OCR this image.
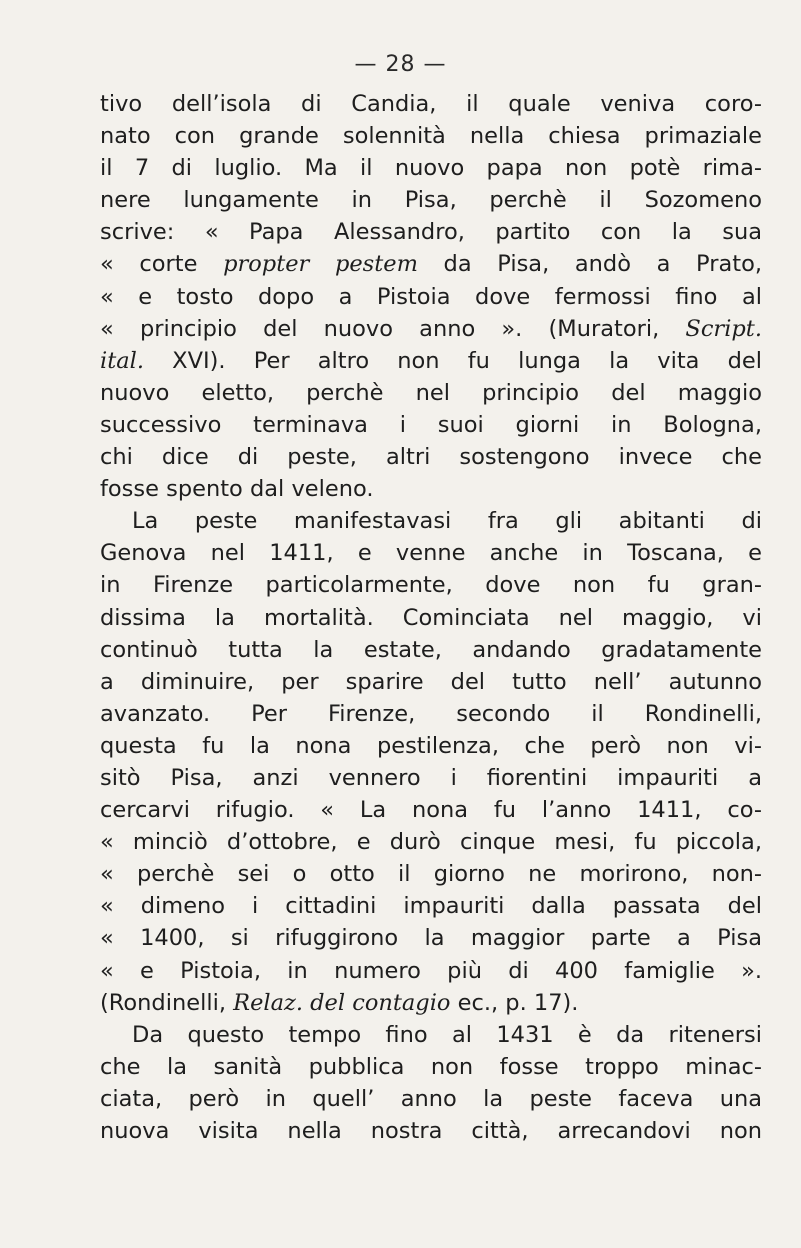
— 28 —
tivo dell’isola di Candia, il quale veniva coro-
nato con grande solennità nella chiesa primaziale
il 7 di luglio. Ma il nuovo papa non potè rima-
nere lungamente in Pisa, perchè il Sozomeno
scrive: « Papa Alessandro, partito con la sua
« corte propter pestem da Pisa, andò a Prato,
« e tosto dopo a Pistoia dove fermossi fino al
« principio del nuovo anno ». (Muratori, Script.
ital. XVI). Per altro non fu lunga la vita del
nuovo eletto, perchè nel principio del maggio
successivo terminava i suoi giorni in Bologna,
chi dice di peste, altri sostengono invece che
fosse spento dal veleno.
La peste manifestavasi fra gli abitanti di
Genova nel 1411, e venne anche in Toscana, e
in Firenze particolarmente, dove non fu gran-
dissima la mortalità. Cominciata nel maggio, vi
continuò tutta la estate, andando gradatamente
a diminuire, per sparire del tutto nell’ autunno
avanzato. Per Firenze, secondo il Rondinelli,
questa fu la nona pestilenza, che però non vi-
sitò Pisa, anzi vennero i fiorentini impauriti a
cercarvi rifugio. « La nona fu l’anno 1411, co-
« minciò d’ottobre, e durò cinque mesi, fu piccola,
« perchè sei o otto il giorno ne morirono, non-
« dimeno i cittadini impauriti dalla passata del
« 1400, si rifuggirono la maggior parte a Pisa
« e Pistoia, in numero più di 400 famiglie ».
(Rondinelli, Relaz. del contagio ec., p. 17).
Da questo tempo fino al 1431 è da ritenersi
che la sanità pubblica non fosse troppo minac-
ciata, però in quell’ anno la peste faceva una
nuova visita nella nostra città, arrecandovi non
